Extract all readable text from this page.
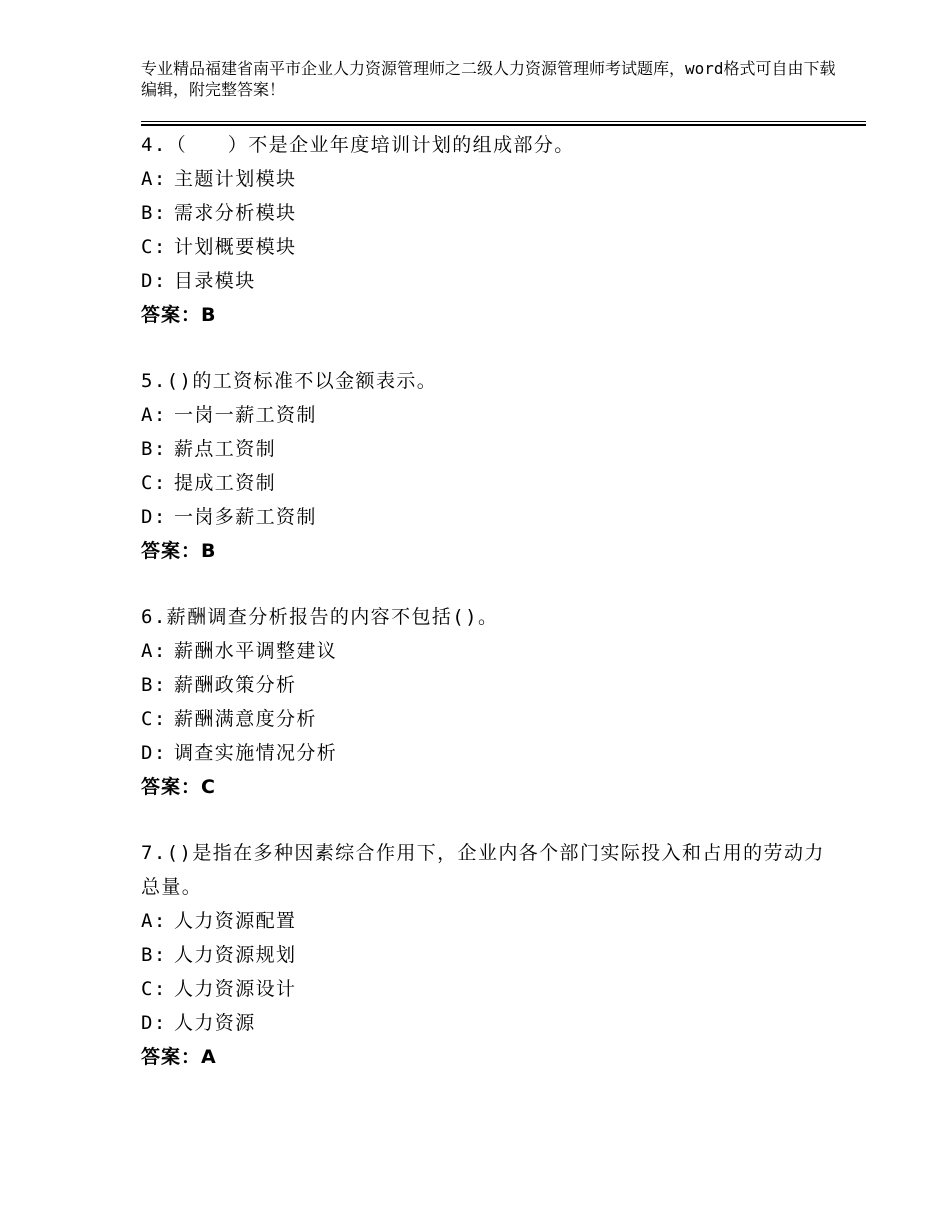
专业精品福建省南平市企业人力资源管理师之二级人力资源管理师考试题库，word格式可自由下载编辑，附完整答案！

4.（　　）不是企业年度培训计划的组成部分。

A: 主题计划模块

B: 需求分析模块

C: 计划概要模块

D: 目录模块

答案：B

5.()的工资标准不以金额表示。

A: 一岗一薪工资制

B: 薪点工资制

C: 提成工资制

D: 一岗多薪工资制

答案：B

6.薪酬调查分析报告的内容不包括()。

A: 薪酬水平调整建议

B: 薪酬政策分析

C: 薪酬满意度分析

D: 调查实施情况分析

答案：C

7.()是指在多种因素综合作用下，企业内各个部门实际投入和占用的劳动力总量。

A: 人力资源配置

B: 人力资源规划

C: 人力资源设计

D: 人力资源

答案：A
